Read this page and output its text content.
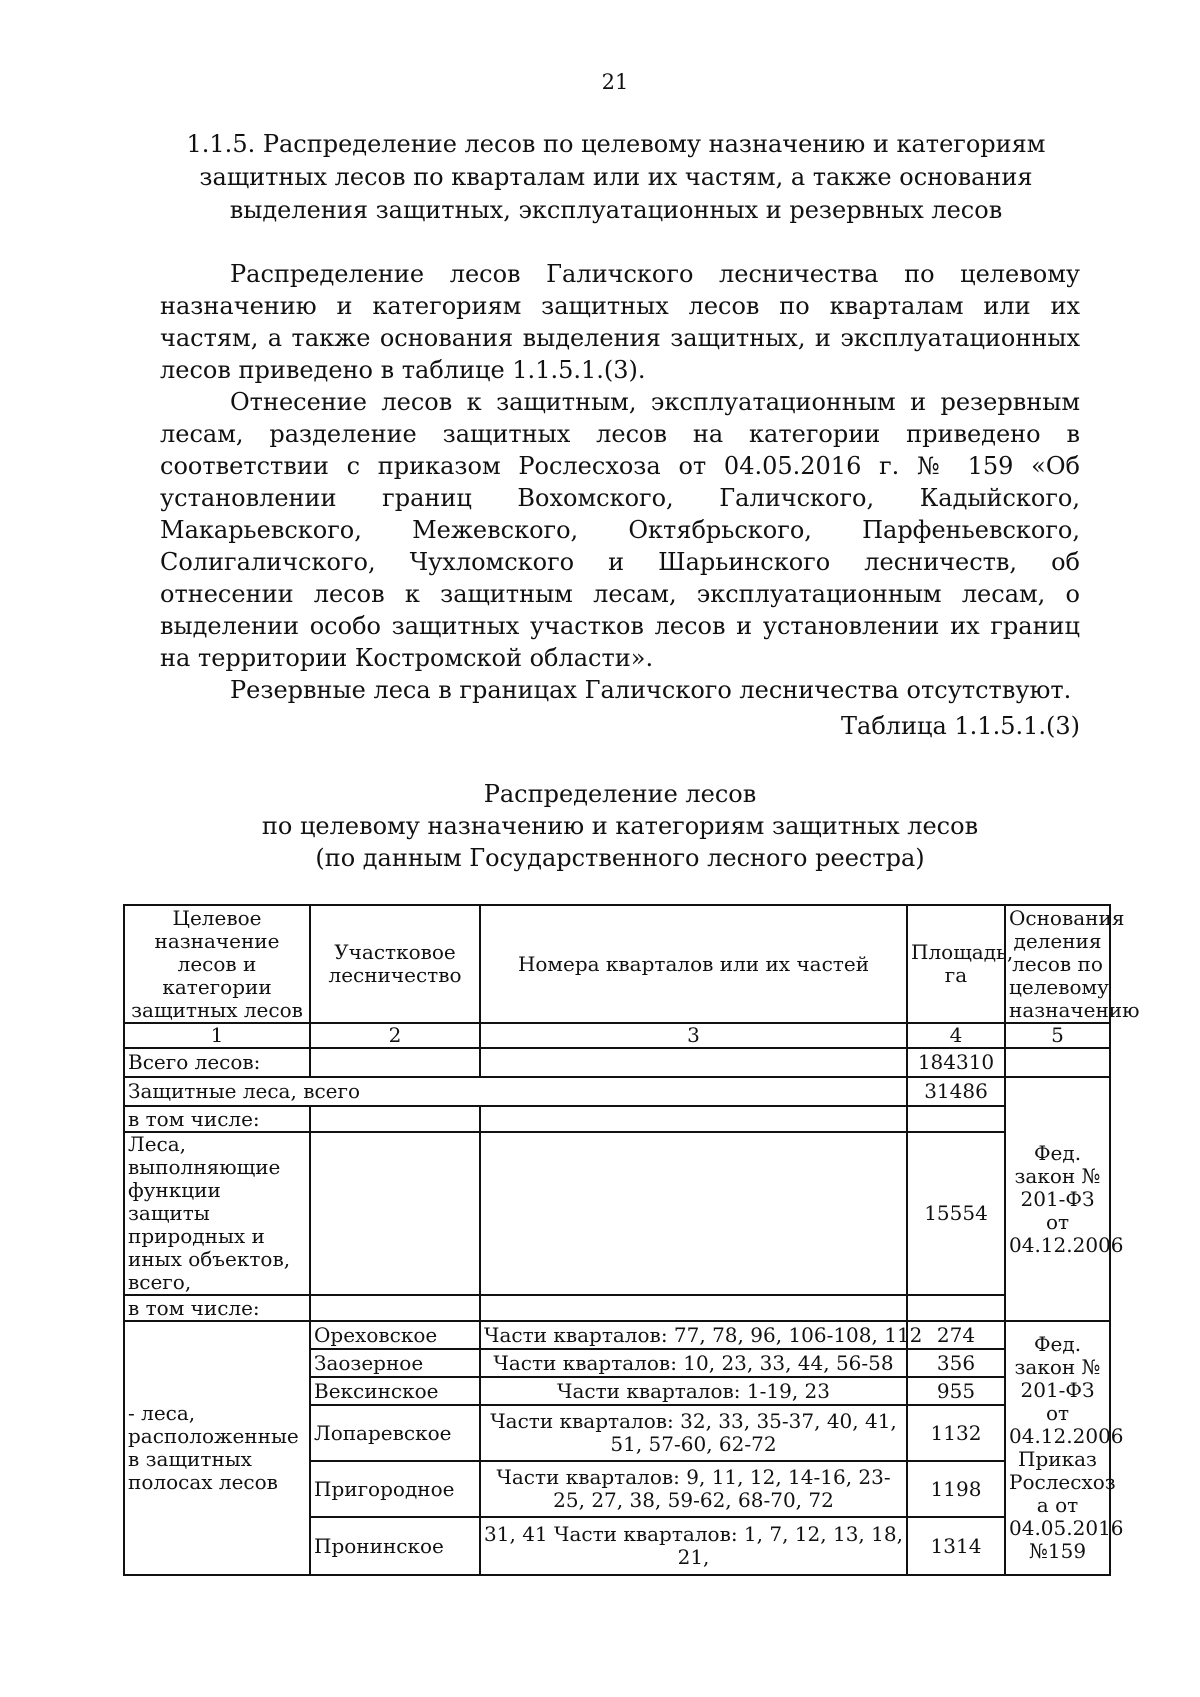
21
1.1.5. Распределение лесов по целевому назначению и категориям защитных лесов по кварталам или их частям, а также основания выделения защитных, эксплуатационных и резервных лесов

Распределение лесов Галичского лесничества по целевому назначению и категориям защитных лесов по кварталам или их частям, а также основания выделения защитных, и эксплуатационных лесов приведено в таблице 1.1.5.1.(3).

Отнесение лесов к защитным, эксплуатационным и резервным лесам, разделение защитных лесов на категории приведено в соответствии с приказом Рослесхоза от 04.05.2016 г. № 159 «Об установлении границ Вохомского, Галичского, Кадыйского, Макарьевского, Межевского, Октябрьского, Парфеньевского, Солигаличского, Чухломского и Шарьинского лесничеств, об отнесении лесов к защитным лесам, эксплуатационным лесам, о выделении особо защитных участков лесов и установлении их границ на территории Костромской области».

Резервные леса в границах Галичского лесничества отсутствуют.

Таблица 1.1.5.1.(3)
Распределение лесов
по целевому назначению и категориям защитных лесов
(по данным Государственного лесного реестра)
Целевое назначение лесов и категории защитных лесов	Участковое лесничество	Номера кварталов или их частей	Площадь, га	Основания деления лесов по целевому назначению
1	2	3	4	5
Всего лесов:			184310	
Защитные леса, всего			31486	Фед. закон № 201-ФЗ от 04.12.2006
в том числе:				
Леса, выполняющие функции защиты природных и иных объектов, всего,			15554	
в том числе:				
- леса, расположенные в защитных полосах лесов	Ореховское	Части кварталов: 77, 78, 96, 106-108, 112	274	Фед. закон № 201-ФЗ от 04.12.2006 Приказ Рослесхоз а от 04.05.2016 №159
	Заозерное	Части кварталов: 10, 23, 33, 44, 56-58	356	
	Вексинское	Части кварталов: 1-19, 23	955	
	Лопаревское	Части кварталов: 32, 33, 35-37, 40, 41, 51, 57-60, 62-72	1132	
	Пригородное	Части кварталов: 9, 11, 12, 14-16, 23-25, 27, 38, 59-62, 68-70, 72	1198	
	Пронинское	31, 41 Части кварталов: 1, 7, 12, 13, 18, 21,	1314	
